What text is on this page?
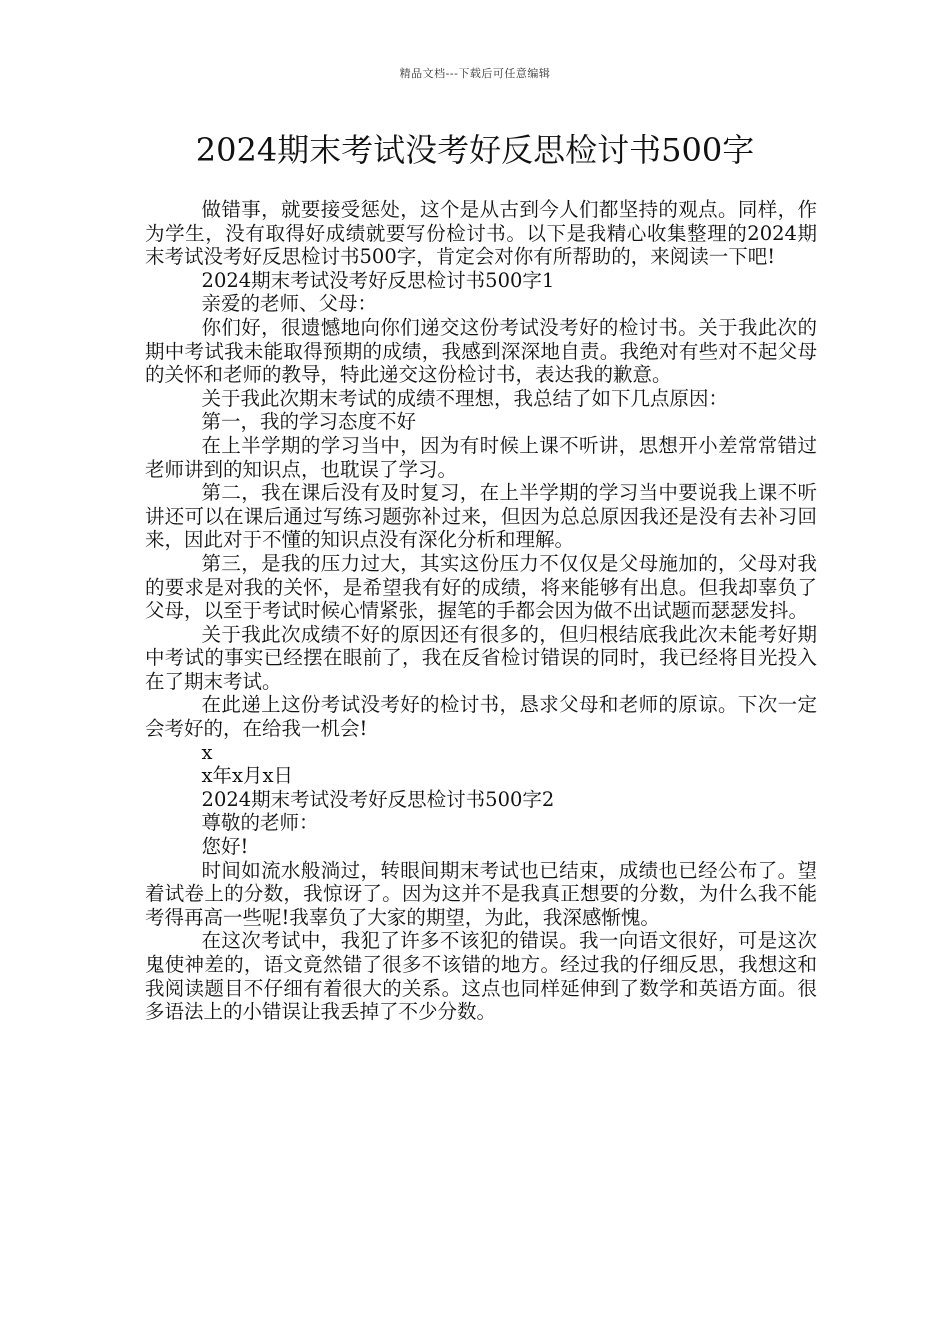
精品文档---下载后可任意编辑
2024期末考试没考好反思检讨书500字

做错事，就要接受惩处，这个是从古到今人们都坚持的观点。同样，作为学生，没有取得好成绩就要写份检讨书。以下是我精心收集整理的2024期末考试没考好反思检讨书500字，肯定会对你有所帮助的，来阅读一下吧!

2024期末考试没考好反思检讨书500字1

亲爱的老师、父母：

你们好，很遗憾地向你们递交这份考试没考好的检讨书。关于我此次的期中考试我未能取得预期的成绩，我感到深深地自责。我绝对有些对不起父母的关怀和老师的教导，特此递交这份检讨书，表达我的歉意。

关于我此次期末考试的成绩不理想，我总结了如下几点原因：

第一，我的学习态度不好

在上半学期的学习当中，因为有时候上课不听讲，思想开小差常常错过老师讲到的知识点，也耽误了学习。

第二，我在课后没有及时复习，在上半学期的学习当中要说我上课不听讲还可以在课后通过写练习题弥补过来，但因为总总原因我还是没有去补习回来，因此对于不懂的知识点没有深化分析和理解。

第三，是我的压力过大，其实这份压力不仅仅是父母施加的，父母对我的要求是对我的关怀，是希望我有好的成绩，将来能够有出息。但我却辜负了父母，以至于考试时候心情紧张，握笔的手都会因为做不出试题而瑟瑟发抖。

关于我此次成绩不好的原因还有很多的，但归根结底我此次未能考好期中考试的事实已经摆在眼前了，我在反省检讨错误的同时，我已经将目光投入在了期末考试。

在此递上这份考试没考好的检讨书，恳求父母和老师的原谅。下次一定会考好的，在给我一机会!

x

x年x月x日

2024期末考试没考好反思检讨书500字2

尊敬的老师：

您好!

时间如流水般淌过，转眼间期末考试也已结束，成绩也已经公布了。望着试卷上的分数，我惊讶了。因为这并不是我真正想要的分数，为什么我不能考得再高一些呢!我辜负了大家的期望，为此，我深感惭愧。

在这次考试中，我犯了许多不该犯的错误。我一向语文很好，可是这次鬼使神差的，语文竟然错了很多不该错的地方。经过我的仔细反思，我想这和我阅读题目不仔细有着很大的关系。这点也同样延伸到了数学和英语方面。很多语法上的小错误让我丢掉了不少分数。
